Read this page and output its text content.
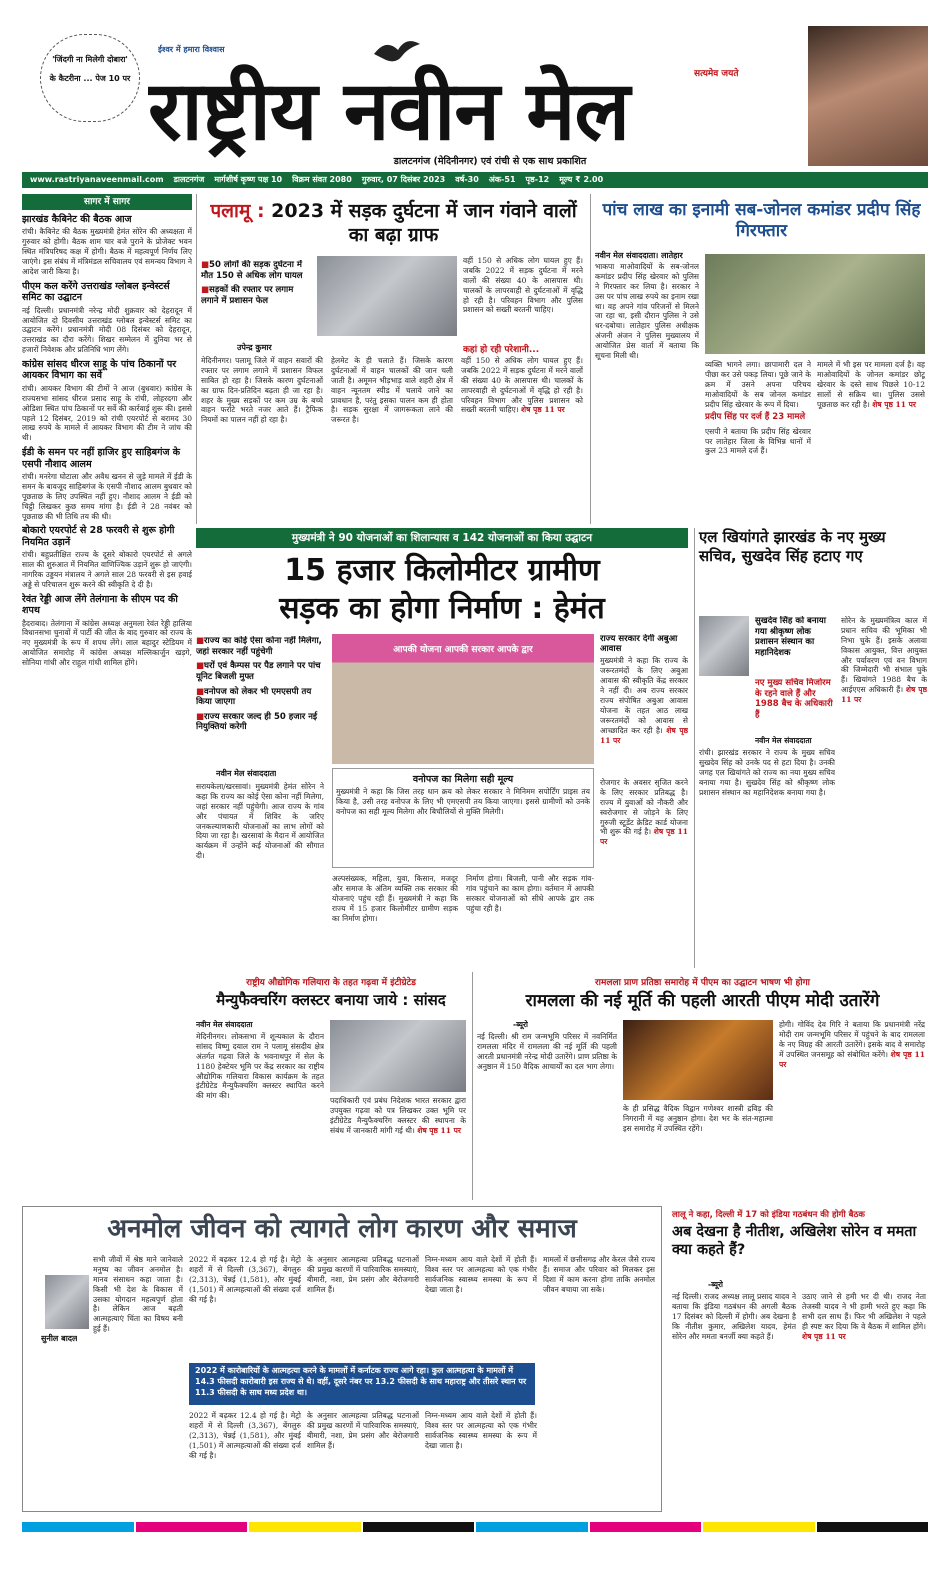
'जिंदगी ना मिलेगी दोबारा' के कैटरीना ... पेज 10 पर
ईश्वर में हमारा विश्वास
सत्यमेव जयते
राष्ट्रीय नवीन मेल
डालटनगंज (मेदिनीनगर) एवं रांची से एक साथ प्रकाशित
www.rastriyanaveenmail.com डालटनगंज मार्गशीर्ष कृष्ण पक्ष 10 विक्रम संवत 2080 गुरुवार, 07 दिसंबर 2023 वर्ष-30 अंक-51 पृष्ठ-12 मूल्य ₹ 2.00
सागर में सागर
झारखंड कैबिनेट की बैठक आज
रांची। कैबिनेट की बैठक मुख्यमंत्री हेमंत सोरेन की अध्यक्षता में गुरुवार को होगी। बैठक शाम चार बजे पुराने के प्रोजेक्ट भवन स्थित मंत्रिपरिषद कक्ष में होगी। बैठक में महत्वपूर्ण निर्णय लिए जाएंगे। इस संबंध में मंत्रिमंडल सचिवालय एवं समन्वय विभाग ने आदेश जारी किया है।
पीएम कल करेंगे उत्तराखंड ग्लोबल इन्वेस्टर्स समिट का उद्घाटन
नई दिल्ली। प्रधानमंत्री नरेन्द्र मोदी शुक्रवार को देहरादून में आयोजित दो दिवसीय उत्तराखंड ग्लोबल इन्वेस्टर्स समिट का उद्घाटन करेंगे। प्रधानमंत्री मोदी 08 दिसंबर को देहरादून, उत्तराखंड का दौरा करेंगे। शिखर सम्मेलन में दुनिया भर से हजारों निवेशक और प्रतिनिधि भाग लेंगे।
कांग्रेस सांसद धीरज साहू के पांच ठिकानों पर आयकर विभाग का सर्वे
रांची। आयकर विभाग की टीमों ने आज (बुधवार) कांग्रेस के राज्यसभा सांसद धीरज प्रसाद साहू के रांची, लोहरदगा और ओडिशा स्थित पांच ठिकानों पर सर्वे की कार्रवाई शुरू की। इससे पहले 12 दिसंबर, 2019 को रांची एयरपोर्ट से बरामद 30 लाख रुपये के मामले में आयकर विभाग की टीम ने जांच की थी।
ईडी के समन पर नहीं हाजिर हुए साहिबगंज के एसपी नौशाद आलम
रांची। मनरेगा घोटाला और अवैध खनन से जुड़े मामले में ईडी के समन के बावजूद साहिबगंज के एसपी नौशाद आलम बुधवार को पूछताछ के लिए उपस्थित नहीं हुए। नौशाद आलम ने ईडी को चिट्ठी लिखकर कुछ समय मांगा है। ईडी ने 28 नवंबर को पूछताछ की भी तिथि तय की थी।
बोकारो एयरपोर्ट से 28 फरवरी से शुरू होगी नियमित उड़ानें
रांची। बहुप्रतीक्षित राज्य के दूसरे बोकारो एयरपोर्ट से अगले साल की शुरुआत में नियमित वाणिज्यिक उड़ानें शुरू हो जाएंगी। नागरिक उड्डयन मंत्रालय ने अगले साल 28 फरवरी से इस हवाई अड्डे से परिचालन शुरू करने की स्वीकृति दे दी है।
रेवंत रेड्डी आज लेंगे तेलंगाना के सीएम पद की शपथ
हैदराबाद। तेलंगाना में कांग्रेस अध्यक्ष अनुमला रेवंत रेड्डी हालिया विधानसभा चुनावों में पार्टी की जीत के बाद गुरुवार को राज्य के नए मुख्यमंत्री के रूप में शपथ लेंगे। लाल बहादुर स्टेडियम में आयोजित समारोह में कांग्रेस अध्यक्ष मल्लिकार्जुन खड़गे, सोनिया गांधी और राहुल गांधी शामिल होंगे।
पलामू : 2023 में सड़क दुर्घटना में जान गंवाने वालों का बढ़ा ग्राफ
■ 50 लोगों की सड़क दुर्घटना में मौत 150 से अधिक लोग घायल
■ सड़कों की रफ्तार पर लगाम लगाने में प्रशासन फेल
वहीं 150 से अधिक लोग घायल हुए हैं। जबकि 2022 में सड़क दुर्घटना में मरने वालों की संख्या 40 के आसपास थी। चालकों के लापरवाही से दुर्घटनाओं में वृद्धि हो रही है। परिवहन विभाग और पुलिस प्रशासन को सख्ती बरतनी चाहिए।
उपेन्द्र कुमार	कहां हो रही परेशानी...
मेदिनीनगर। पलामू जिले में वाहन सवारों की रफ्तार पर लगाम लगाने में प्रशासन विफल साबित हो रहा है। जिसके कारण दुर्घटनाओं का ग्राफ दिन-प्रतिदिन बढ़ता ही जा रहा है। शहर के मुख्य सड़कों पर कम उम्र के बच्चे वाहन फर्राटे भरते नजर आते हैं। ट्रैफिक नियमों का पालन नहीं हो रहा है।
हेलमेट के ही चलाते हैं। जिसके कारण दुर्घटनाओं में वाहन चालकों की जान चली जाती है। अमूमन भीड़भाड़ वाले शहरी क्षेत्र में वाहन न्यूनतम स्पीड में चलाये जाने का प्रावधान है, परंतु इसका पालन कम ही होता है। सड़क सुरक्षा में जागरूकता लाने की जरूरत है।
वहीं 150 से अधिक लोग घायल हुए हैं। जबकि 2022 में सड़क दुर्घटना में मरने वालों की संख्या 40 के आसपास थी। चालकों के लापरवाही से दुर्घटनाओं में वृद्धि हो रही है। परिवहन विभाग और पुलिस प्रशासन को सख्ती बरतनी चाहिए। शेष पृष्ठ 11 पर
पांच लाख का इनामी सब-जोनल कमांडर प्रदीप सिंह गिरफ्तार
नवीन मेल संवाददाता। लातेहार
भाकपा माओवादियों के सब-जोनल कमांडर प्रदीप सिंह खेरवार को पुलिस ने गिरफ्तार कर लिया है। सरकार ने उस पर पांच लाख रुपये का इनाम रखा था। वह अपने गांव परिजनों से मिलने जा रहा था, इसी दौरान पुलिस ने उसे धर-दबोचा। लातेहार पुलिस अधीक्षक अंजनी अंजन ने पुलिस मुख्यालय में आयोजित प्रेस वार्ता में बताया कि सूचना मिली थी।
व्यक्ति भागने लगा। छापामारी दल ने पीछा कर उसे पकड़ लिया। पूछे जाने के क्रम में उसने अपना परिचय माओवादियों के सब जोनल कमांडर प्रदीप सिंह खेरवार के रूप में दिया।
प्रदीप सिंह पर दर्ज हैं 23 मामले
एसपी ने बताया कि प्रदीप सिंह खेरवार पर लातेहार जिला के विभिन्न थानों में कुल 23 मामले दर्ज हैं।
मामले में भी इस पर मामला दर्ज है। वह माओवादियों के जोनल कमांडर छोटू खेरवार के दस्ते साथ पिछले 10-12 सालों से सक्रिय था। पुलिस उससे पूछताछ कर रही है। शेष पृष्ठ 11 पर
मुख्यमंत्री ने 90 योजनाओं का शिलान्यास व 142 योजनाओं का किया उद्घाटन
15 हजार किलोमीटर ग्रामीण
सड़क का होगा निर्माण : हेमंत
■ राज्य का कोई ऐसा कोना नहीं मिलेगा, जहां सरकार नहीं पहुंचेगी
■ घरों एवं कैम्पस पर पैड लगाने पर पांच यूनिट बिजली मुफ्त
■ वनोपज को लेकर भी एमएसपी तय किया जाएगा
■ राज्य सरकार जल्द ही 50 हजार नई नियुक्तियां करेगी
आपकी योजना आपकी सरकार आपके द्वार
राज्य सरकार देगी अबुआ आवास
मुख्यमंत्री ने कहा कि राज्य के जरूरतमंदों के लिए अबुआ आवास की स्वीकृति केंद्र सरकार ने नहीं दी। अब राज्य सरकार राज्य संपोषित अबुआ आवास योजना के तहत आठ लाख जरूरतमंदों को आवास से आच्छादित कर रही है। शेष पृष्ठ 11 पर
नवीन मेल संवाददाता
सरायकेला/खरसावां। मुख्यमंत्री हेमंत सोरेन ने कहा कि राज्य का कोई ऐसा कोना नहीं मिलेगा, जहां सरकार नहीं पहुंचेगी। आज राज्य के गांव और पंचायत में शिविर के जरिए जनकल्याणकारी योजनाओं का लाभ लोगों को दिया जा रहा है। खरसावां के मैदान में आयोजित कार्यक्रम में उन्होंने कई योजनाओं की सौगात दी।
वनोपज का मिलेगा सही मूल्य
मुख्यमंत्री ने कहा कि जिस तरह धान क्रय को लेकर सरकार ने मिनिमम सपोर्टिंग प्राइस तय किया है, उसी तरह वनोपज के लिए भी एमएसपी तय किया जाएगा। इससे ग्रामीणों को उनके वनोपज का सही मूल्य मिलेगा और बिचौलियों से मुक्ति मिलेगी।
अल्पसंख्यक, महिला, युवा, किसान, मजदूर और समाज के अंतिम व्यक्ति तक सरकार की योजनाएं पहुंच रही हैं। मुख्यमंत्री ने कहा कि राज्य में 15 हजार किलोमीटर ग्रामीण सड़क का निर्माण होगा।
निर्माण होगा। बिजली, पानी और सड़क गांव-गांव पहुंचाने का काम होगा। वर्तमान में आपकी सरकार योजनाओं को सीधे आपके द्वार तक पहुंचा रही है।
रोजगार के अवसर सृजित करने के लिए सरकार प्रतिबद्ध है। राज्य में युवाओं को नौकरी और स्वरोजगार से जोड़ने के लिए गुरुजी स्टूडेंट क्रेडिट कार्ड योजना भी शुरू की गई है। शेष पृष्ठ 11 पर
एल खियांगते झारखंड के नए मुख्य सचिव, सुखदेव सिंह हटाए गए
सुखदेव सिंह को बनाया गया श्रीकृष्ण लोक प्रशासन संस्थान का महानिदेशक
नए मुख्य सचिव मिजोरम के रहने वाले हैं और 1988 बैच के अधिकारी हैं
नवीन मेल संवाददाता
रांची। झारखंड सरकार ने राज्य के मुख्य सचिव सुखदेव सिंह को उनके पद से हटा दिया है। उनकी जगह एल खियांगते को राज्य का नया मुख्य सचिव बनाया गया है। सुखदेव सिंह को श्रीकृष्ण लोक प्रशासन संस्थान का महानिदेशक बनाया गया है।
सोरेन के मुख्यमंत्रित्व काल में प्रधान सचिव की भूमिका भी निभा चुके हैं। इसके अलावा विकास आयुक्त, वित्त आयुक्त और पर्यावरण एवं वन विभाग की जिम्मेदारी भी संभाल चुके हैं। खियांगते 1988 बैच के आईएएस अधिकारी हैं। शेष पृष्ठ 11 पर
राष्ट्रीय औद्योगिक गलियारा के तहत गढ़वा में इंटीग्रेटेड
मैन्युफैक्चरिंग क्लस्टर बनाया जाये : सांसद
नवीन मेल संवाददाता
मेदिनीनगर। लोकसभा में शून्यकाल के दौरान सांसद विष्णु दयाल राम ने पलामू संसदीय क्षेत्र अंतर्गत गढ़वा जिले के भवनाथपुर में सेल के 1180 हेक्टेयर भूमि पर केंद्र सरकार का राष्ट्रीय औद्योगिक गलियारा विकास कार्यक्रम के तहत इंटीग्रेटेड मैन्युफैक्चरिंग क्लस्टर स्थापित करने की मांग की।
पदाधिकारी एवं प्रबंध निदेशक भारत सरकार द्वारा उपयुक्त गढ़वा को पत्र लिखकर उक्त भूमि पर इंटीग्रेटेड मैन्युफैक्चरिंग क्लस्टर की स्थापना के संबंध में जानकारी मांगी गई थी। शेष पृष्ठ 11 पर
रामलला प्राण प्रतिष्ठा समारोह में पीएम का उद्घाटन भाषण भी होगा
रामलला की नई मूर्ति की पहली आरती पीएम मोदी उतारेंगे
-ब्यूरो
नई दिल्ली। श्री राम जन्मभूमि परिसर में नवनिर्मित रामलला मंदिर में रामलला की नई मूर्ति की पहली आरती प्रधानमंत्री नरेन्द्र मोदी उतारेंगे। प्राण प्रतिष्ठा के अनुष्ठान में 150 वैदिक आचार्यों का दल भाग लेगा।
के ही प्रसिद्ध वैदिक विद्वान गणेश्वर शास्त्री द्रविड़ की निगरानी में यह अनुष्ठान होगा। देश भर के संत-महात्मा इस समारोह में उपस्थित रहेंगे।
होगी। गोविंद देव गिरि ने बताया कि प्रधानमंत्री नरेंद्र मोदी राम जन्मभूमि परिसर में पहुंचने के बाद रामलला के नए विग्रह की आरती उतारेंगे। इसके बाद वे समारोह में उपस्थित जनसमूह को संबोधित करेंगे। शेष पृष्ठ 11 पर
अनमोल जीवन को त्यागते लोग कारण और समाज
सुनील बादल
सभी जीवों में श्रेष्ठ माने जानेवाले मनुष्य का जीवन अनमोल है। मानव संसाधन कहा जाता है। किसी भी देश के विकास में उसका योगदान महत्वपूर्ण होता है। लेकिन आज बढ़ती आत्महत्याएं चिंता का विषय बनी हुई हैं।
2022 में बढ़कर 12.4 हो गई है। मेट्रो शहरों में से दिल्ली (3,367), बेंगलुरु (2,313), चेन्नई (1,581), और मुंबई (1,501) में आत्महत्याओं की संख्या दर्ज की गई है।
के अनुसार आत्महत्या प्रतिबद्ध घटनाओं की प्रमुख कारणों में पारिवारिक समस्याएं, बीमारी, नशा, प्रेम प्रसंग और बेरोजगारी शामिल हैं।
निम्न-मध्यम आय वाले देशों में होती हैं। विश्व स्तर पर आत्महत्या को एक गंभीर सार्वजनिक स्वास्थ्य समस्या के रूप में देखा जाता है।
2022 में कारोबारियों के आत्महत्या करने के मामलों में कर्नाटक राज्य आगे रहा। कुल आत्महत्या के मामलों में 14.3 फीसदी कारोबारी इस राज्य से थे। वहीं, दूसरे नंबर पर 13.2 फीसदी के साथ महाराष्ट्र और तीसरे स्थान पर 11.3 फीसदी के साथ मध्य प्रदेश था।
मामलों में छत्तीसगढ़ और केरल जैसे राज्य हैं। समाज और परिवार को मिलकर इस दिशा में काम करना होगा ताकि अनमोल जीवन बचाया जा सके।
2022 में बढ़कर 12.4 हो गई है। मेट्रो शहरों में से दिल्ली (3,367), बेंगलुरु (2,313), चेन्नई (1,581), और मुंबई (1,501) में आत्महत्याओं की संख्या दर्ज की गई है।
के अनुसार आत्महत्या प्रतिबद्ध घटनाओं की प्रमुख कारणों में पारिवारिक समस्याएं, बीमारी, नशा, प्रेम प्रसंग और बेरोजगारी शामिल हैं।
निम्न-मध्यम आय वाले देशों में होती हैं। विश्व स्तर पर आत्महत्या को एक गंभीर सार्वजनिक स्वास्थ्य समस्या के रूप में देखा जाता है।
लालू ने कहा, दिल्ली में 17 को इंडिया गठबंधन की होगी बैठक
अब देखना है नीतीश, अखिलेश सोरेन व ममता क्या कहते हैं?
-ब्यूरो
नई दिल्ली। राजद अध्यक्ष लालू प्रसाद यादव ने बताया कि इंडिया गठबंधन की अगली बैठक 17 दिसंबर को दिल्ली में होगी। अब देखना है कि नीतीश कुमार, अखिलेश यादव, हेमंत सोरेन और ममता बनर्जी क्या कहते हैं।
उठाए जाने से हमी भर दी थी। राजद नेता तेजस्वी यादव ने भी हामी भरते हुए कहा कि सभी दल साथ हैं। फिर भी अखिलेश ने पहले ही स्पष्ट कर दिया कि वे बैठक में शामिल होंगे। शेष पृष्ठ 11 पर
